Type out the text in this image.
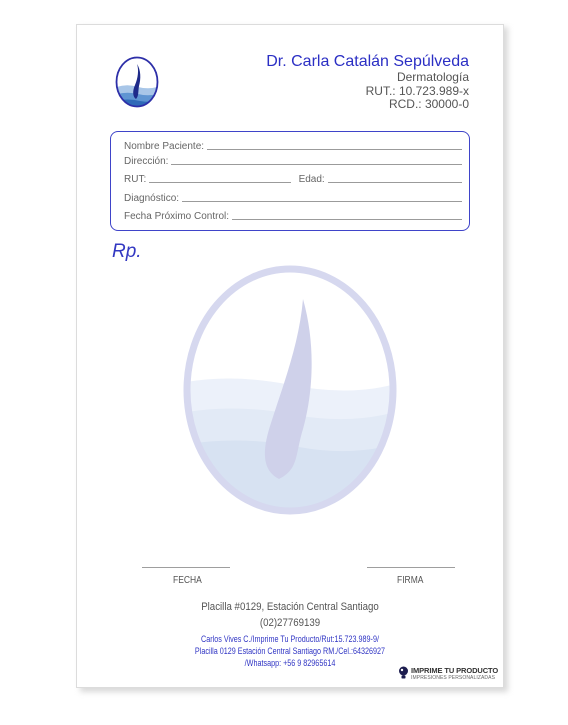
Dr. Carla Catalán Sepúlveda
Dermatología
RUT.: 10.723.989-x
RCD.: 30000-0
Nombre Paciente:
Dirección:
RUT:	Edad:
Diagnóstico:
Fecha Próximo Control:
Rp.
FECHA	FIRMA
Placilla #0129, Estación Central Santiago
(02)27769139
Carlos Vives C./Imprime Tu Producto/Rut:15.723.989-9/
Placilla 0129 Estación Central Santiago RM./Cel.:64326927
/Whatsapp: +56 9 82965614
IMPRIME TU PRODUCTO
IMPRESIONES PERSONALIZADAS
